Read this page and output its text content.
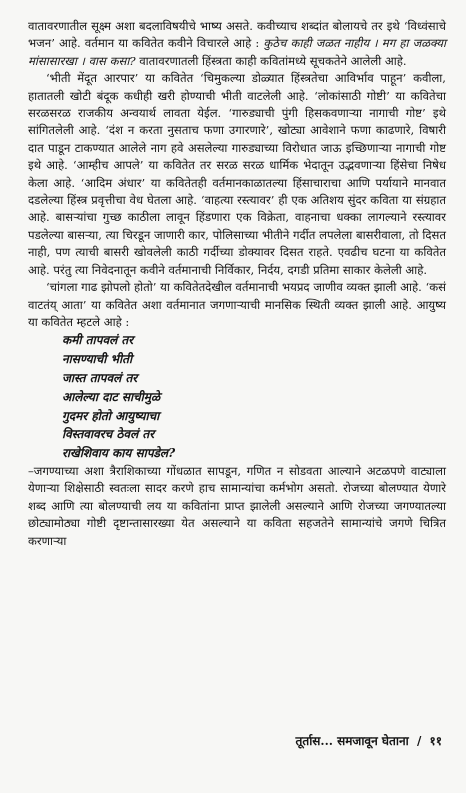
वातावरणातील सूक्ष्म अशा बदलाविषयीचे भाष्य असते. कवीच्याच शब्दांत बोलायचे तर इथे ‘विध्वंसाचे भजन’ आहे. वर्तमान या कवितेत कवीने विचारले आहे : कुठेच काही जळत नाहीय । मग हा जळक्या मांसासारखा । वास कसा? वातावरणातली हिंस्त्रता काही कवितांमध्ये सूचकतेने आलेली आहे.

‘भीती मेंदूत आरपार’ या कवितेत ‘चिमुकल्या डोळ्यात हिंस्त्रतेचा आविर्भाव पाहून’ कवीला, हातातली खोटी बंदूक कधीही खरी होण्याची भीती वाटलेली आहे. ‘लोकांसाठी गोष्टी’ या कवितेचा सरळसरळ राजकीय अन्वयार्थ लावता येईल. ‘गारुड्याची पुंगी हिसकवणाऱ्या नागाची गोष्ट’ इथे सांगितलेली आहे. ‘दंश न करता नुसताच फणा उगारणारे’, खोट्या आवेशाने फणा काढणारे, विषारी दात पाडून टाकण्यात आलेले नाग हवे असलेल्या गारुड्याच्या विरोधात जाऊ इच्छिणाऱ्या नागाची गोष्ट इथे आहे. ‘आम्हीच आपले’ या कवितेत तर सरळ सरळ धार्मिक भेदातून उद्भवणाऱ्या हिंसेचा निषेध केला आहे. ‘आदिम अंधार’ या कवितेतही वर्तमानकाळातल्या हिंसाचाराचा आणि पर्यायाने मानवात दडलेल्या हिंस्त्र प्रवृत्तीचा वेध घेतला आहे. ‘वाहत्या रस्त्यावर’ ही एक अतिशय सुंदर कविता या संग्रहात आहे. बासऱ्यांचा गुच्छ काठीला लावून हिंडणारा एक विक्रेता, वाहनाचा धक्का लागल्याने रस्त्यावर पडलेल्या बासऱ्या, त्या चिरडून जाणारी कार, पोलिसाच्या भीतीने गर्दीत लपलेला बासरीवाला, तो दिसत नाही, पण त्याची बासरी खोवलेली काठी गर्दीच्या डोक्यावर दिसत राहते. एवढीच घटना या कवितेत आहे. परंतु त्या निवेदनातून कवीने वर्तमानाची निर्विकार, निर्दय, दगडी प्रतिमा साकार केलेली आहे.

‘चांगला गाढ झोपलो होतो’ या कवितेतदेखील वर्तमानाची भयप्रद जाणीव व्यक्त झाली आहे. ‘कसं वाटतंय् आता’ या कवितेत अशा वर्तमानात जगणाऱ्याची मानसिक स्थिती व्यक्त झाली आहे. आयुष्य या कवितेत म्हटले आहे :

कमी तापवलं तर
नासण्याची भीती
जास्त तापवलं तर
आलेल्या दाट साचीमुळे
गुदमर होतो आयुष्याचा
विस्तवावरच ठेवलं तर
राखेशिवाय काय सापडेल?

–जगण्याच्या अशा त्रैराशिकाच्या गोंधळात सापडून, गणित न सोडवता आल्याने अटळपणे वाट्याला येणाऱ्या शिक्षेसाठी स्वतःला सादर करणे हाच सामान्यांचा कर्मभोग असतो. रोजच्या बोलण्यात येणारे शब्द आणि त्या बोलण्याची लय या कवितांना प्राप्त झालेली असल्याने आणि रोजच्या जगण्यातल्या छोट्यामोठ्या गोष्टी दृष्टान्तासारख्या येत असल्याने या कविता सहजतेने सामान्यांचे जगणे चित्रित करणाऱ्या

तूर्तास... समजावून घेताना / ११
